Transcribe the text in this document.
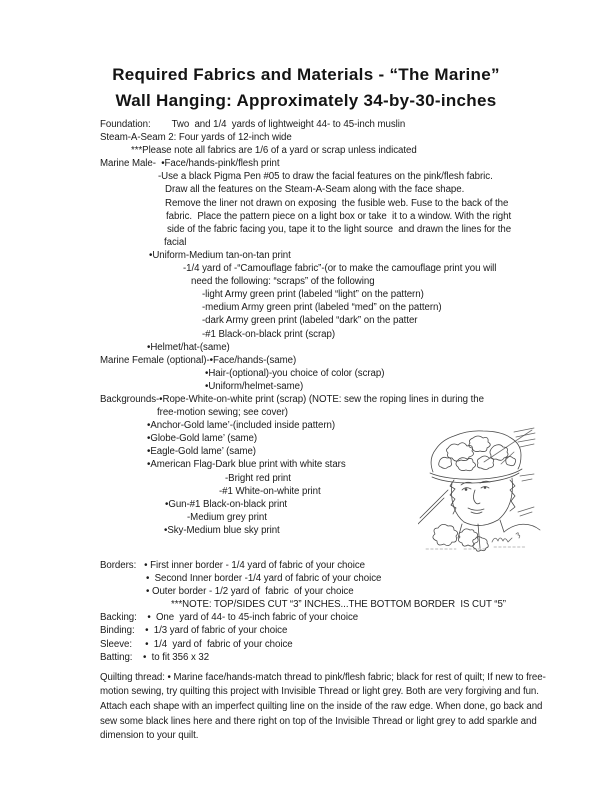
Required Fabrics and Materials - “The Marine”
Wall Hanging: Approximately 34-by-30-inches
Foundation:        Two  and 1/4  yards of lightweight 44- to 45-inch muslin
Steam-A-Seam 2: Four yards of 12-inch wide
***Please note all fabrics are 1/6 of a yard or scrap unless indicated
Marine Male-  •Face/hands-pink/flesh print
-Use a black Pigma Pen #05 to draw the facial features on the pink/flesh fabric.
Draw all the features on the Steam-A-Seam along with the face shape.
Remove the liner not drawn on exposing  the fusible web. Fuse to the back of the
fabric.  Place the pattern piece on a light box or take  it to a window. With the right
side of the fabric facing you, tape it to the light source  and drawn the lines for the
facial
•Uniform-Medium tan-on-tan print
-1/4 yard of -“Camouflage fabric”-(or to make the camouflage print you will
need the following: “scraps” of the following
-light Army green print (labeled “light” on the pattern)
-medium Army green print (labeled “med” on the pattern)
-dark Army green print (labeled “dark” on the patter
-#1 Black-on-black print (scrap)
•Helmet/hat-(same)
Marine Female (optional)-•Face/hands-(same)
•Hair-(optional)-you choice of color (scrap)
•Uniform/helmet-same)
Backgrounds-•Rope-White-on-white print (scrap) (NOTE: sew the roping lines in during the
free-motion sewing; see cover)
•Anchor-Gold lame’-(included inside pattern)
•Globe-Gold lame’ (same)
•Eagle-Gold lame’ (same)
•American Flag-Dark blue print with white stars
-Bright red print
-#1 White-on-white print
•Gun-#1 Black-on-black print
-Medium grey print
•Sky-Medium blue sky print
Borders:   • First inner border - 1/4 yard of fabric of your choice
•  Second Inner border -1/4 yard of fabric of your choice
• Outer border - 1/2 yard of  fabric  of your choice
***NOTE: TOP/SIDES CUT “3” INCHES...THE BOTTOM BORDER  IS CUT “5”
Backing:    •  One  yard of 44- to 45-inch fabric of your choice
Binding:    •  1/3 yard of fabric of your choice
Sleeve:     •  1/4  yard of  fabric of your choice
Batting:    •  to fit 356 x 32
Quilting thread: • Marine face/hands-match thread to pink/flesh fabric; black for rest of quilt; If new to free-motion sewing, try quilting this project with Invisible Thread or light grey. Both are very forgiving and fun. Attach each shape with an imperfect quilting line on the inside of the raw edge. When done, go back and sew some black lines here and there right on top of the Invisible Thread or light grey to add sparkle and dimension to your quilt.
